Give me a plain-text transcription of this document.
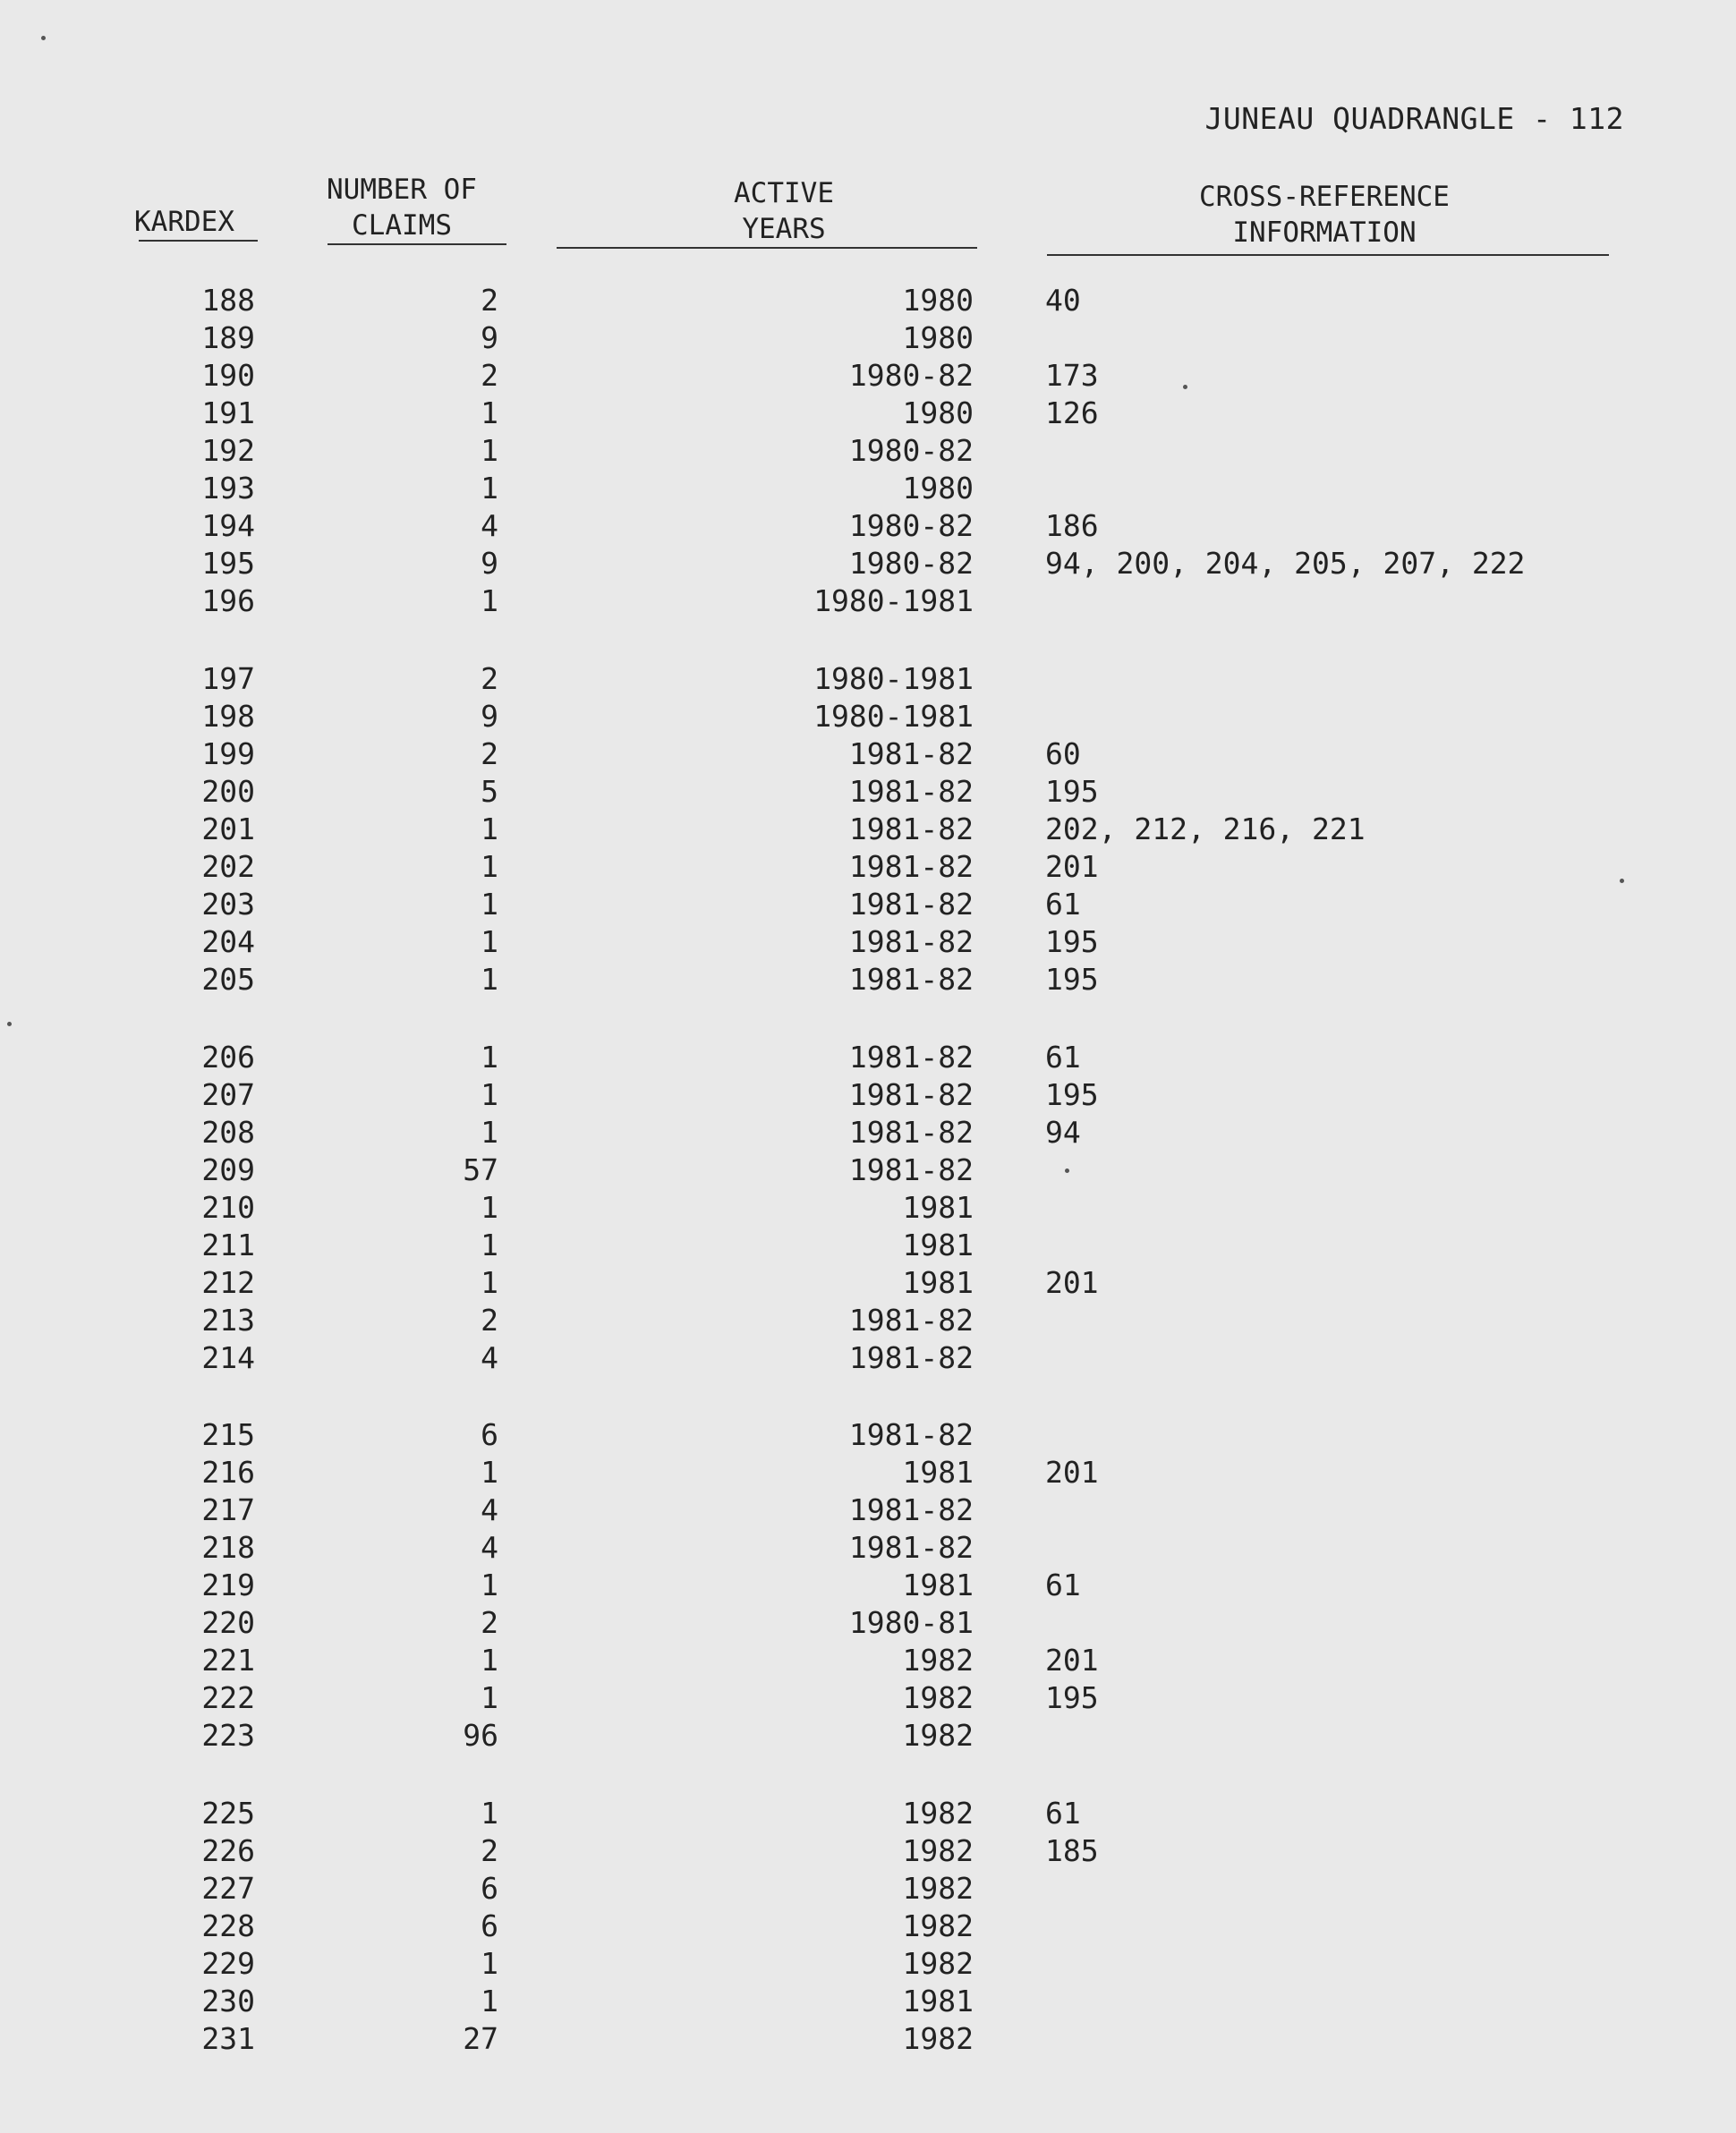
JUNEAU QUADRANGLE - 112
KARDEX
NUMBER OF
CLAIMS
ACTIVE
YEARS
CROSS-REFERENCE
INFORMATION
188	2	1980 40
189	9	1980
190	2	1980-82 173
191	1	1980 126
192	1	1980-82
193	1	1980
194	4	1980-82 186
195	9	1980-82 94, 200, 204, 205, 207, 222
196	1	1980-1981
197	2	1980-1981
198	9	1980-1981
199	2	1981-82 60
200	5	1981-82 195
201	1	1981-82 202, 212, 216, 221
202	1	1981-82 201
203	1	1981-82 61
204	1	1981-82 195
205	1	1981-82 195
206	1	1981-82 61
207	1	1981-82 195
208	1	1981-82 94
209	57	1981-82
210	1	1981
211	1	1981
212	1	1981 201
213	2	1981-82
214	4	1981-82
215	6	1981-82
216	1	1981 201
217	4	1981-82
218	4	1981-82
219	1	1981 61
220	2	1980-81
221	1	1982 201
222	1	1982 195
223	96	1982
225	1	1982 61
226	2	1982 185
227	6	1982
228	6	1982
229	1	1982
230	1	1981
231	27	1982
